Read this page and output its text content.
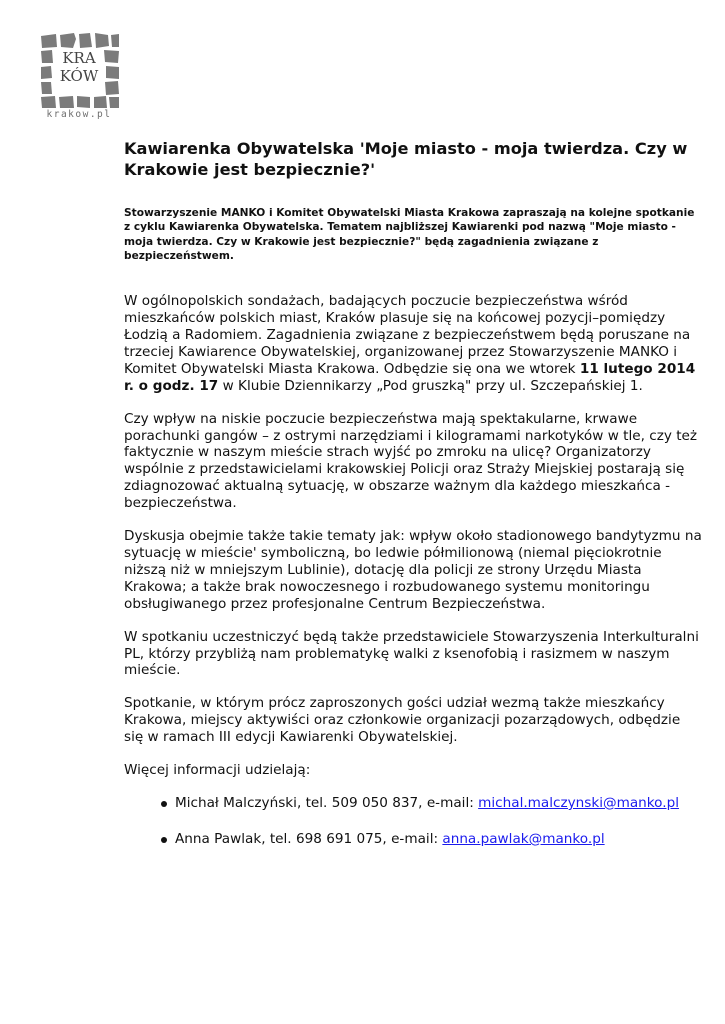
KRA
KÓW
krakow.pl
Kawiarenka Obywatelska 'Moje miasto - moja twierdza. Czy w Krakowie jest bezpiecznie?'

Stowarzyszenie MANKO i Komitet Obywatelski Miasta Krakowa zapraszają na kolejne spotkanie z cyklu Kawiarenka Obywatelska. Tematem najbliższej Kawiarenki pod nazwą "Moje miasto - moja twierdza. Czy w Krakowie jest bezpiecznie?" będą zagadnienia związane z bezpieczeństwem.

W ogólnopolskich sondażach, badających poczucie bezpieczeństwa wśród mieszkańców polskich miast, Kraków plasuje się na końcowej pozycji–pomiędzy Łodzią a Radomiem. Zagadnienia związane z bezpieczeństwem będą poruszane na trzeciej Kawiarence Obywatelskiej, organizowanej przez Stowarzyszenie MANKO i Komitet Obywatelski Miasta Krakowa. Odbędzie się ona we wtorek 11 lutego 2014 r. o godz. 17 w Klubie Dziennikarzy „Pod gruszką" przy ul. Szczepańskiej 1.

Czy wpływ na niskie poczucie bezpieczeństwa mają spektakularne, krwawe porachunki gangów – z ostrymi narzędziami i kilogramami narkotyków w tle, czy też faktycznie w naszym mieście strach wyjść po zmroku na ulicę? Organizatorzy wspólnie z przedstawicielami krakowskiej Policji oraz Straży Miejskiej postarają się zdiagnozować aktualną sytuację, w obszarze ważnym dla każdego mieszkańca - bezpieczeństwa.

Dyskusja obejmie także takie tematy jak: wpływ około stadionowego bandytyzmu na sytuację w mieście' symboliczną, bo ledwie półmilionową (niemal pięciokrotnie niższą niż w mniejszym Lublinie), dotację dla policji ze strony Urzędu Miasta Krakowa; a także brak nowoczesnego i rozbudowanego systemu monitoringu obsługiwanego przez profesjonalne Centrum Bezpieczeństwa.

W spotkaniu uczestniczyć będą także przedstawiciele Stowarzyszenia Interkulturalni PL, którzy przybliżą nam problematykę walki z ksenofobią i rasizmem w naszym mieście.

Spotkanie, w którym prócz zaproszonych gości udział wezmą także mieszkańcy Krakowa, miejscy aktywiści oraz członkowie organizacji pozarządowych, odbędzie się w ramach III edycji Kawiarenki Obywatelskiej.

Więcej informacji udzielają:

Michał Malczyński, tel. 509 050 837, e-mail: michal.malczynski@manko.pl
Anna Pawlak, tel. 698 691 075, e-mail: anna.pawlak@manko.pl
